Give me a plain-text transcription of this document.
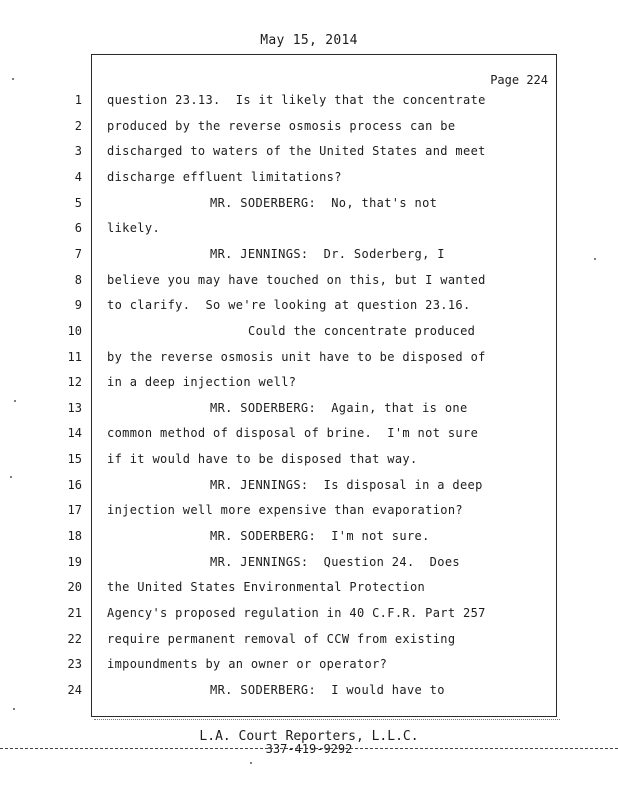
May 15, 2014
Page 224
1 question 23.13.  Is it likely that the concentrate
2 produced by the reverse osmosis process can be
3 discharged to waters of the United States and meet
4 discharge effluent limitations?
5	MR. SODERBERG:  No, that's not
6 likely.
7	MR. JENNINGS:  Dr. Soderberg, I
8 believe you may have touched on this, but I wanted
9 to clarify.  So we're looking at question 23.16.
10	Could the concentrate produced
11 by the reverse osmosis unit have to be disposed of
12 in a deep injection well?
13	MR. SODERBERG:  Again, that is one
14 common method of disposal of brine.  I'm not sure
15 if it would have to be disposed that way.
16	MR. JENNINGS:  Is disposal in a deep
17 injection well more expensive than evaporation?
18	MR. SODERBERG:  I'm not sure.
19	MR. JENNINGS:  Question 24.  Does
20 the United States Environmental Protection
21 Agency's proposed regulation in 40 C.F.R. Part 257
22 require permanent removal of CCW from existing
23 impoundments by an owner or operator?
24	MR. SODERBERG:  I would have to
L.A. Court Reporters, L.L.C.
337-419-9292
